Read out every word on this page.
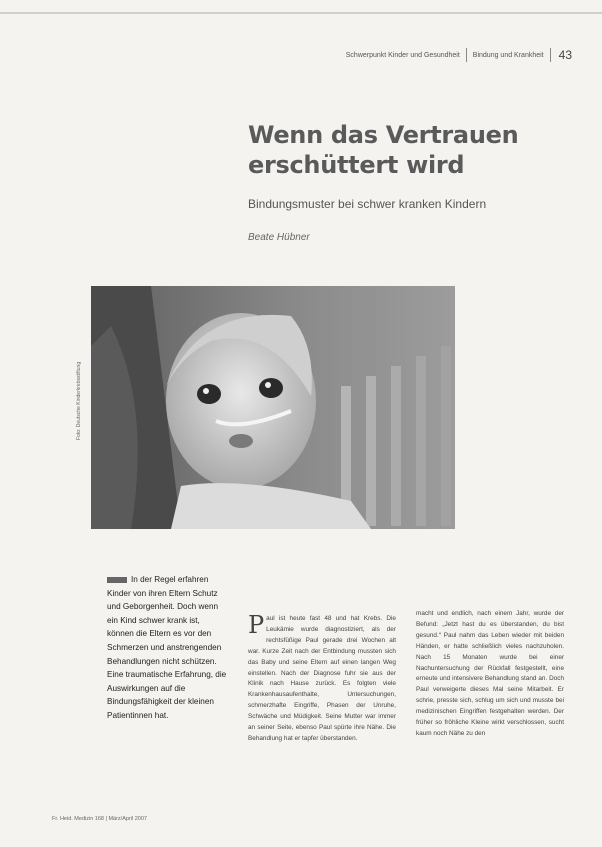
Schwerpunkt Kinder und Gesundheit Bindung und Krankheit 43
Wenn das Vertrauen erschüttert wird
Bindungsmuster bei schwer kranken Kindern
Beate Hübner
Foto: Deutsche Kinderkrebsstiftung
In der Regel erfahren Kinder von ihren Eltern Schutz und Geborgenheit. Doch wenn ein Kind schwer krank ist, können die Eltern es vor den Schmerzen und anstrengenden Behandlungen nicht schützen. Eine traumatische Erfahrung, die Auswirkungen auf die Bindungsfähigkeit der kleinen Patientinnen hat.
P aul ist heute fast 48 und hat Krebs. Die Leukämie wurde diagnostiziert, als der rechtsfüßige Paul gerade drei Wochen alt war. Kurze Zeit nach der Entbindung mussten sich das Baby und seine Eltern auf einen langen Weg einstellen. Nach der Diagnose fuhr sie aus der Klinik nach Hause zurück. Es folgten viele Krankenhausaufenthalte, Untersuchungen, schmerzhafte Eingriffe, Phasen der Unruhe, Schwäche und Müdigkeit. Seine Mutter war immer an seiner Seite, ebenso Paul spürte ihre Nähe. Die Behandlung hat er tapfer überstanden.
macht und endlich, nach einem Jahr, wurde der Befund: „Jetzt hast du es überstanden, du bist gesund.“ Paul nahm das Leben wieder mit beiden Händen, er hatte schließlich vieles nachzuholen. Nach 15 Monaten wurde bei einer Nachuntersuchung der Rückfall festgestellt, eine erneute und intensivere Behandlung stand an. Doch Paul verweigerte dieses Mal seine Mitarbeit. Er schrie, presste sich, schlug um sich und musste bei medizinischen Eingriffen festgehalten werden. Der früher so fröhliche Kleine wirkt verschlossen, sucht kaum noch Nähe zu den
Fr. Heid. Medizin 168 | März/April 2007
